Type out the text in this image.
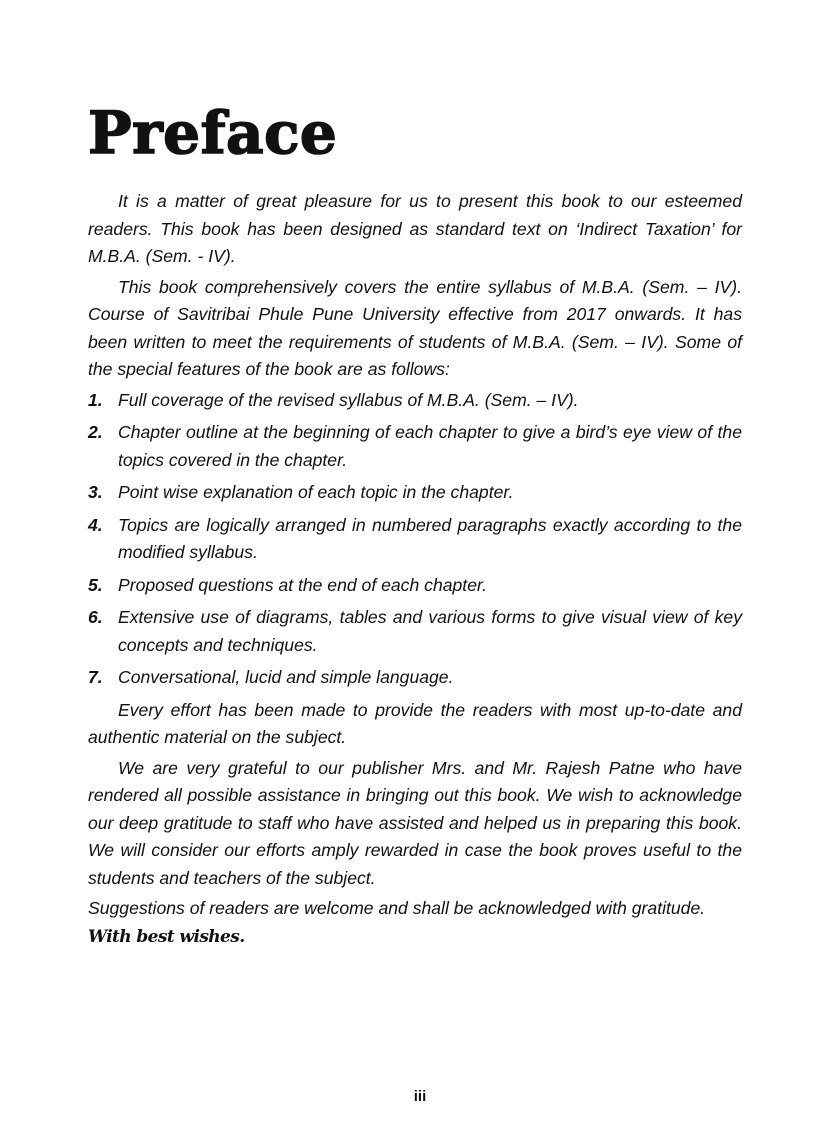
Preface

It is a matter of great pleasure for us to present this book to our esteemed readers. This book has been designed as standard text on ‘Indirect Taxation’ for M.B.A. (Sem. - IV).

This book comprehensively covers the entire syllabus of M.B.A. (Sem. – IV). Course of Savitribai Phule Pune University effective from 2017 onwards. It has been written to meet the requirements of students of M.B.A. (Sem. – IV). Some of the special features of the book are as follows:

1. Full coverage of the revised syllabus of M.B.A. (Sem. – IV).
2. Chapter outline at the beginning of each chapter to give a bird’s eye view of the topics covered in the chapter.
3. Point wise explanation of each topic in the chapter.
4. Topics are logically arranged in numbered paragraphs exactly according to the modified syllabus.
5. Proposed questions at the end of each chapter.
6. Extensive use of diagrams, tables and various forms to give visual view of key concepts and techniques.
7. Conversational, lucid and simple language.

Every effort has been made to provide the readers with most up-to-date and authentic material on the subject.

We are very grateful to our publisher Mrs. and Mr. Rajesh Patne who have rendered all possible assistance in bringing out this book. We wish to acknowledge our deep gratitude to staff who have assisted and helped us in preparing this book. We will consider our efforts amply rewarded in case the book proves useful to the students and teachers of the subject.

Suggestions of readers are welcome and shall be acknowledged with gratitude.

With best wishes.
iii
